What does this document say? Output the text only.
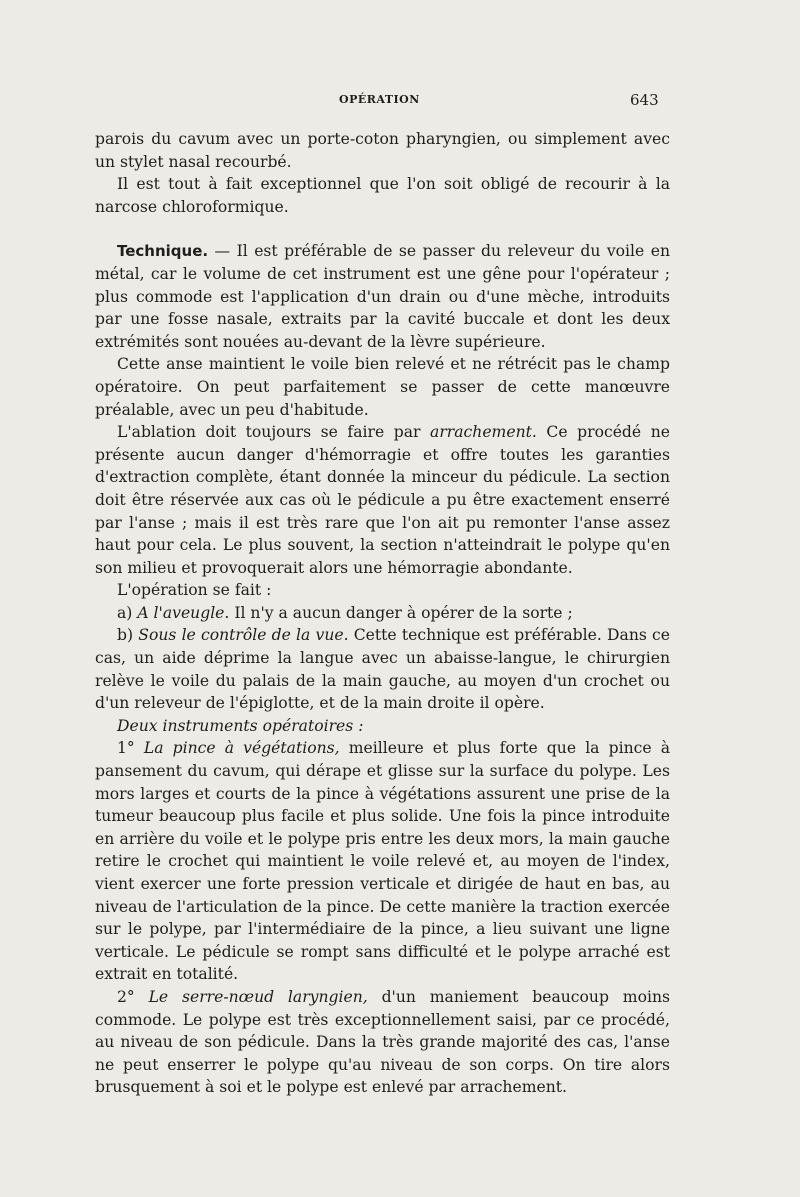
OPÉRATION	643

parois du cavum avec un porte-coton pharyngien, ou simplement avec un stylet nasal recourbé.

Il est tout à fait exceptionnel que l'on soit obligé de recourir à la narcose chloroformique.

Technique. — Il est préférable de se passer du releveur du voile en métal, car le volume de cet instrument est une gêne pour l'opérateur ; plus commode est l'application d'un drain ou d'une mèche, introduits par une fosse nasale, extraits par la cavité buccale et dont les deux extrémités sont nouées au-devant de la lèvre supérieure.

Cette anse maintient le voile bien relevé et ne rétrécit pas le champ opératoire. On peut parfaitement se passer de cette manœuvre préalable, avec un peu d'habitude.

L'ablation doit toujours se faire par arrachement. Ce procédé ne présente aucun danger d'hémorragie et offre toutes les garanties d'extraction complète, étant donnée la minceur du pédicule. La section doit être réservée aux cas où le pédicule a pu être exactement enserré par l'anse ; mais il est très rare que l'on ait pu remonter l'anse assez haut pour cela. Le plus souvent, la section n'atteindrait le polype qu'en son milieu et provoquerait alors une hémorragie abondante.

L'opération se fait :

a) A l'aveugle. Il n'y a aucun danger à opérer de la sorte ;

b) Sous le contrôle de la vue. Cette technique est préférable. Dans ce cas, un aide déprime la langue avec un abaisse-langue, le chirurgien relève le voile du palais de la main gauche, au moyen d'un crochet ou d'un releveur de l'épiglotte, et de la main droite il opère.

Deux instruments opératoires :

1° La pince à végétations, meilleure et plus forte que la pince à pansement du cavum, qui dérape et glisse sur la surface du polype. Les mors larges et courts de la pince à végétations assurent une prise de la tumeur beaucoup plus facile et plus solide. Une fois la pince introduite en arrière du voile et le polype pris entre les deux mors, la main gauche retire le crochet qui maintient le voile relevé et, au moyen de l'index, vient exercer une forte pression verticale et dirigée de haut en bas, au niveau de l'articulation de la pince. De cette manière la traction exercée sur le polype, par l'intermédiaire de la pince, a lieu suivant une ligne verticale. Le pédicule se rompt sans difficulté et le polype arraché est extrait en totalité.

2° Le serre-nœud laryngien, d'un maniement beaucoup moins commode. Le polype est très exceptionnellement saisi, par ce procédé, au niveau de son pédicule. Dans la très grande majorité des cas, l'anse ne peut enserrer le polype qu'au niveau de son corps. On tire alors brusquement à soi et le polype est enlevé par arrachement.
